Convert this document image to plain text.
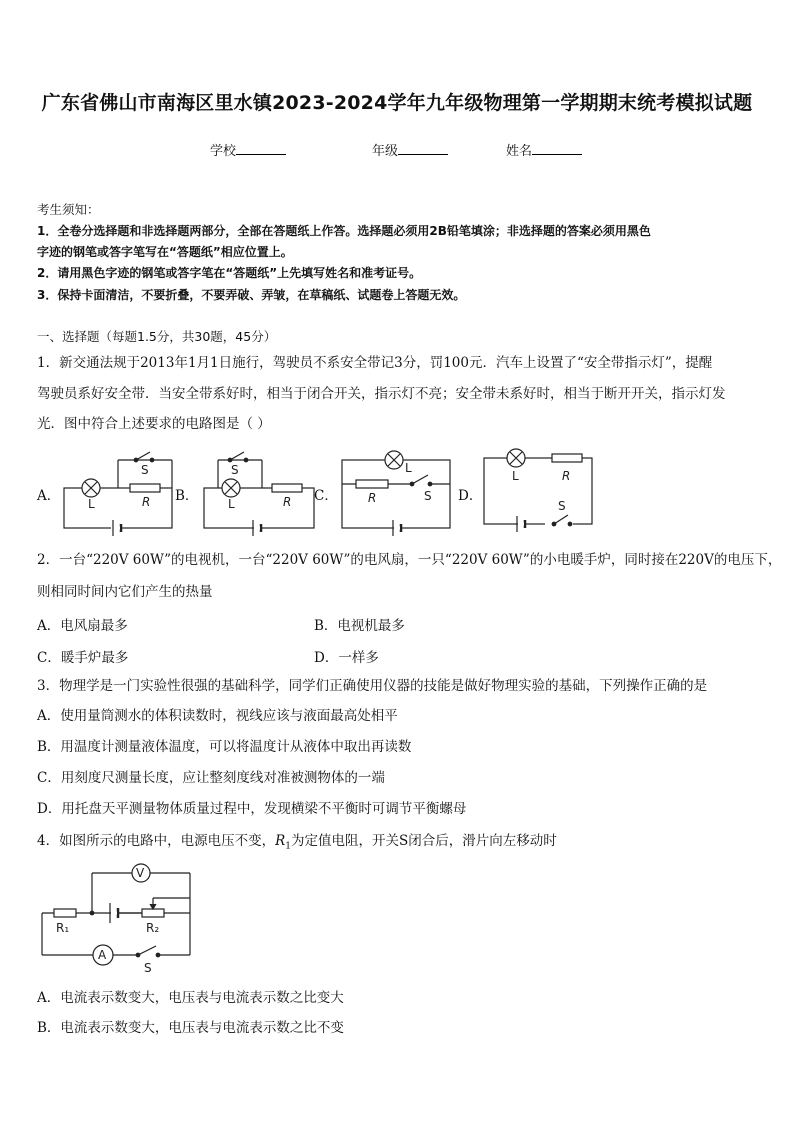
广东省佛山市南海区里水镇2023-2024学年九年级物理第一学期期末统考模拟试题
学校	年级	姓名
考生须知：
1．全卷分选择题和非选择题两部分，全部在答题纸上作答。选择题必须用2B铅笔填涂；非选择题的答案必须用黑色
字迹的钢笔或答字笔写在“答题纸”相应位置上。
2．请用黑色字迹的钢笔或答字笔在“答题纸”上先填写姓名和准考证号。
3．保持卡面清洁，不要折叠，不要弄破、弄皱，在草稿纸、试题卷上答题无效。
一、选择题（每题1.5分，共30题，45分）
1．新交通法规于2013年1月1日施行，驾驶员不系安全带记3分，罚100元．汽车上设置了“安全带指示灯”，提醒
驾驶员系好安全带．当安全带系好时，相当于闭合开关，指示灯不亮；安全带未系好时，相当于断开开关，指示灯发
光．图中符合上述要求的电路图是（ ）
A．	B．	C．	D．
S
L	R
S
L	R
L
R	S
L	R
S
2．一台“220V 60W”的电视机，一台“220V 60W”的电风扇，一只“220V 60W”的小电暖手炉，同时接在220V的电压下，
则相同时间内它们产生的热量
A．电风扇最多	B．电视机最多
C．暖手炉最多	D．一样多
3．物理学是一门实验性很强的基础科学，同学们正确使用仪器的技能是做好物理实验的基础，下列操作正确的是
A．使用量筒测水的体积读数时，视线应该与液面最高处相平
B．用温度计测量液体温度，可以将温度计从液体中取出再读数
C．用刻度尺测量长度，应让整刻度线对准被测物体的一端
D．用托盘天平测量物体质量过程中，发现横梁不平衡时可调节平衡螺母
4．如图所示的电路中，电源电压不变，$R_1$为定值电阻，开关S闭合后，滑片向左移动时
V
A
R₁	R₂
S
A．电流表示数变大，电压表与电流表示数之比变大
B．电流表示数变大，电压表与电流表示数之比不变
